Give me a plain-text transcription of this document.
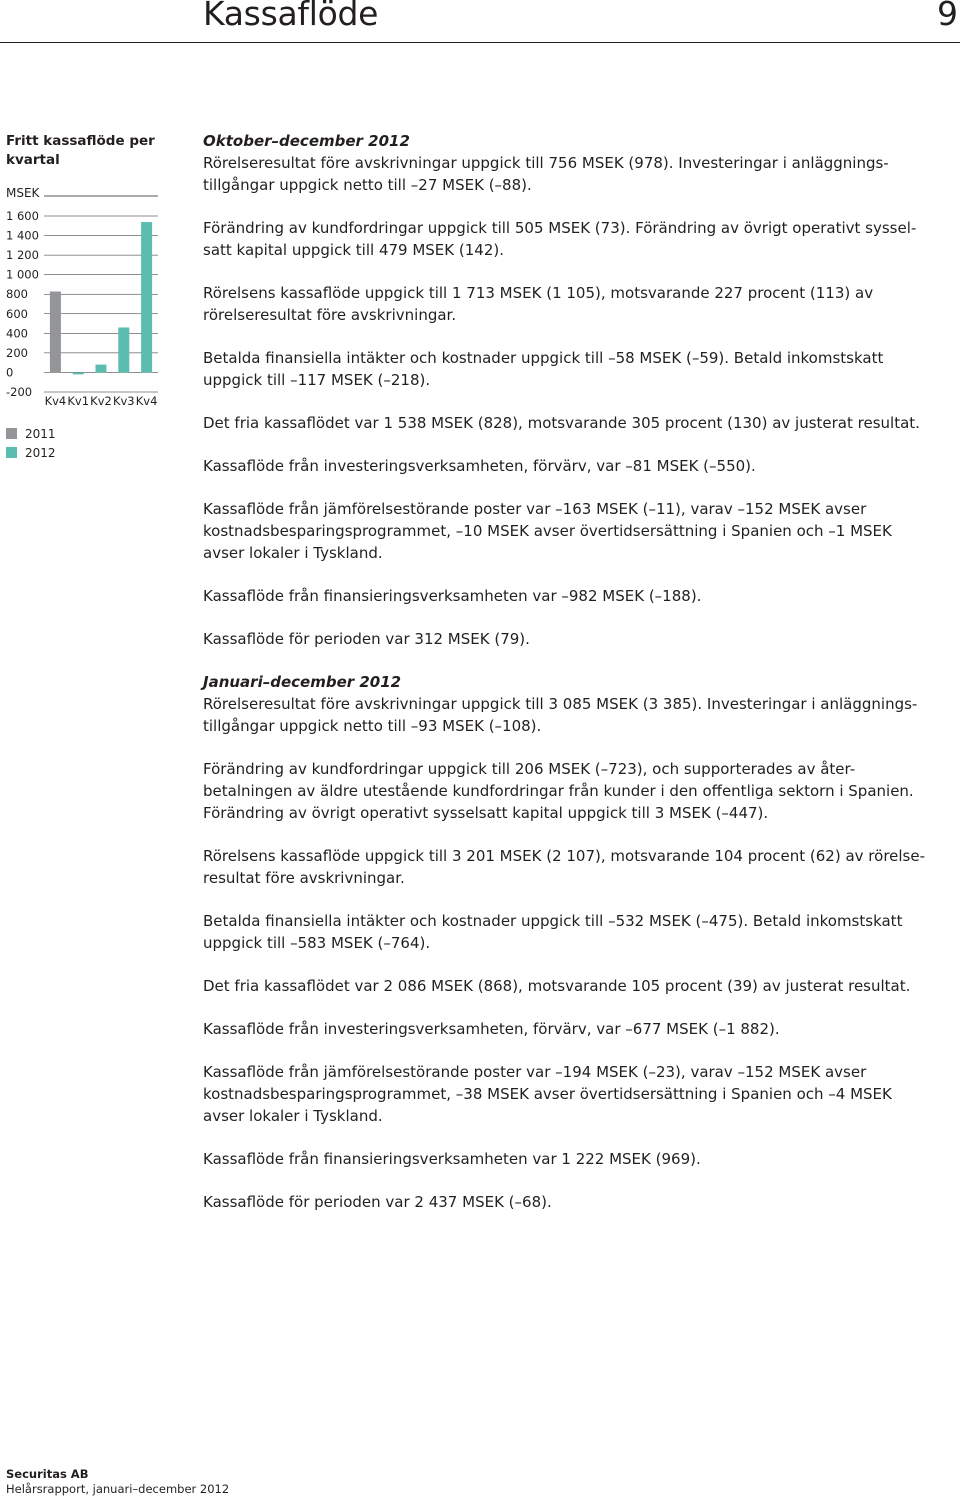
Kassaflöde	9
Fritt kassaflöde per kvartal
MSEK
1 600
1 400
1 200
1 000
800
600
400
200
0
-200
Kv4 Kv1 Kv2 Kv3 Kv4
2011
2012
Oktober–december 2012

Rörelseresultat före avskrivningar uppgick till 756 MSEK (978). Investeringar i anläggnings-
tillgångar uppgick netto till –27 MSEK (–88).

Förändring av kundfordringar uppgick till 505 MSEK (73). Förändring av övrigt operativt syssel-
satt kapital uppgick till 479 MSEK (142).

Rörelsens kassaflöde uppgick till 1 713 MSEK (1 105), motsvarande 227 procent (113) av
rörelseresultat före avskrivningar.

Betalda finansiella intäkter och kostnader uppgick till –58 MSEK (–59). Betald inkomstskatt
uppgick till –117 MSEK (–218).

Det fria kassaflödet var 1 538 MSEK (828), motsvarande 305 procent (130) av justerat resultat.

Kassaflöde från investeringsverksamheten, förvärv, var –81 MSEK (–550).

Kassaflöde från jämförelsestörande poster var –163 MSEK (–11), varav –152 MSEK avser
kostnadsbesparingsprogrammet, –10 MSEK avser övertidsersättning i Spanien och –1 MSEK
avser lokaler i Tyskland.

Kassaflöde från finansieringsverksamheten var –982 MSEK (–188).

Kassaflöde för perioden var 312 MSEK (79).

Januari–december 2012

Rörelseresultat före avskrivningar uppgick till 3 085 MSEK (3 385). Investeringar i anläggnings-
tillgångar uppgick netto till –93 MSEK (–108).

Förändring av kundfordringar uppgick till 206 MSEK (–723), och supporterades av åter-
betalningen av äldre utestående kundfordringar från kunder i den offentliga sektorn i Spanien.
Förändring av övrigt operativt sysselsatt kapital uppgick till 3 MSEK (–447).

Rörelsens kassaflöde uppgick till 3 201 MSEK (2 107), motsvarande 104 procent (62) av rörelse-
resultat före avskrivningar.

Betalda finansiella intäkter och kostnader uppgick till –532 MSEK (–475). Betald inkomstskatt
uppgick till –583 MSEK (–764).

Det fria kassaflödet var 2 086 MSEK (868), motsvarande 105 procent (39) av justerat resultat.

Kassaflöde från investeringsverksamheten, förvärv, var –677 MSEK (–1 882).

Kassaflöde från jämförelsestörande poster var –194 MSEK (–23), varav –152 MSEK avser
kostnadsbesparingsprogrammet, –38 MSEK avser övertidsersättning i Spanien och –4 MSEK
avser lokaler i Tyskland.

Kassaflöde från finansieringsverksamheten var 1 222 MSEK (969).

Kassaflöde för perioden var 2 437 MSEK (–68).

Securitas AB
Helårsrapport, januari–december 2012
